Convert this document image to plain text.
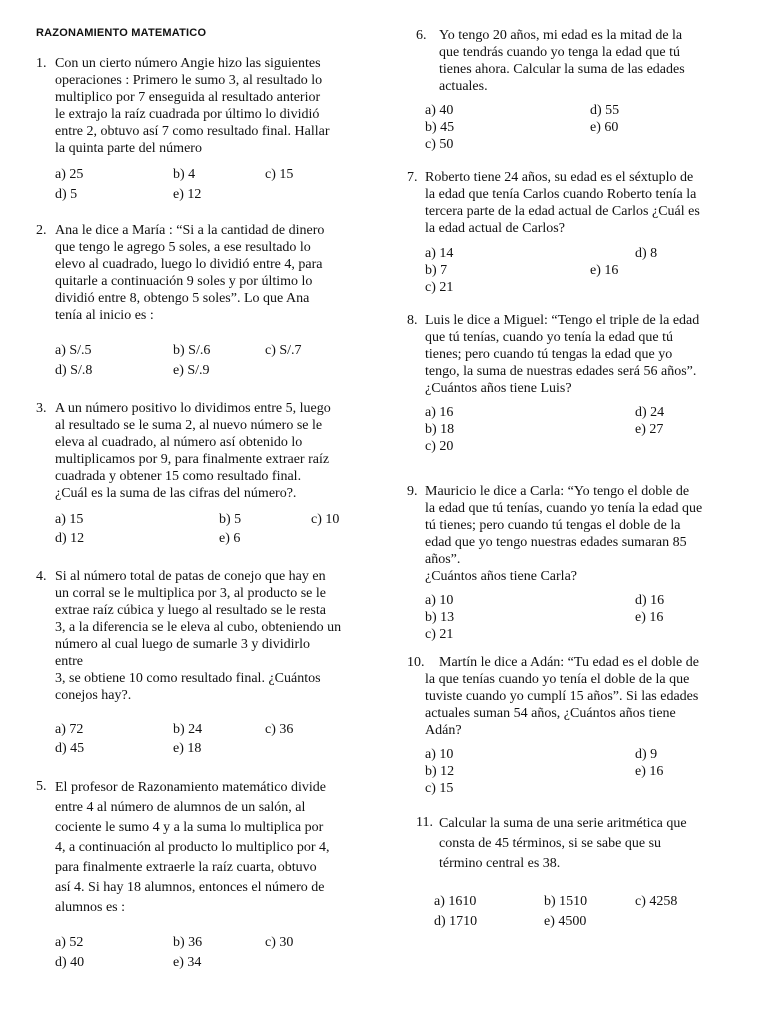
RAZONAMIENTO MATEMATICO
1. Con un cierto número Angie hizo las siguientes
operaciones : Primero le sumo 3, al resultado lo
multiplico por 7 enseguida al resultado anterior
le extrajo la raíz cuadrada por último lo dividió
entre 2, obtuvo así 7 como resultado final. Hallar
la quinta parte del número
a) 25	b) 4	c) 15
d) 5	e) 12
2. Ana le dice a María : “Si a la cantidad de dinero
que tengo le agrego 5 soles, a ese resultado lo
elevo al cuadrado, luego lo dividió entre 4, para
quitarle a continuación 9 soles y por último lo
dividió entre 8, obtengo 5 soles”. Lo que Ana
tenía al inicio es :
a) S/.5	b) S/.6	c) S/.7
d) S/.8	e) S/.9
3. A un número positivo lo dividimos entre 5, luego
al resultado se le suma 2, al nuevo número se le
eleva al cuadrado, al número así obtenido lo
multiplicamos por 9, para finalmente extraer raíz
cuadrada y obtener 15 como resultado final.
¿Cuál es la suma de las cifras del número?.
a) 15	b) 5	c) 10
d) 12	e) 6
4. Si al número total de patas de conejo que hay en
un corral se le multiplica por 3, al producto se le
extrae raíz cúbica y luego al resultado se le resta
3, a la diferencia se le eleva al cubo, obteniendo un
número al cual luego de sumarle 3 y dividirlo
entre
3, se obtiene 10 como resultado final. ¿Cuántos
conejos hay?.
a) 72	b) 24	c) 36
d) 45	e) 18
5. El profesor de Razonamiento matemático divide
entre 4 al número de alumnos de un salón, al
cociente le sumo 4 y a la suma lo multiplica por
4, a continuación al producto lo multiplico por 4,
para finalmente extraerle la raíz cuarta, obtuvo
así 4. Si hay 18 alumnos, entonces el número de
alumnos es :
a) 52	b) 36	c) 30
d) 40	e) 34
6. Yo tengo 20 años, mi edad es la mitad de la
que tendrás cuando yo tenga la edad que tú
tienes ahora. Calcular la suma de las edades
actuales.
a) 40	d) 55
b) 45	e) 60
c) 50
7. Roberto tiene 24 años, su edad es el séxtuplo de
la edad que tenía Carlos cuando Roberto tenía la
tercera parte de la edad actual de Carlos ¿Cuál es
la edad actual de Carlos?
a) 14	d) 8
b) 7	e) 16
c) 21
8. Luis le dice a Miguel: “Tengo el triple de la edad
que tú tenías, cuando yo tenía la edad que tú
tienes; pero cuando tú tengas la edad que yo
tengo, la suma de nuestras edades será 56 años”.
¿Cuántos años tiene Luis?
a) 16	d) 24
b) 18	e) 27
c) 20
9. Mauricio le dice a Carla: “Yo tengo el doble de
la edad que tú tenías, cuando yo tenía la edad que
tú tienes; pero cuando tú tengas el doble de la
edad que yo tengo nuestras edades sumaran 85
años”.
¿Cuántos años tiene Carla?
a) 10	d) 16
b) 13	e) 16
c) 21
10.	Martín le dice a Adán: “Tu edad es el doble de
la que tenías cuando yo tenía el doble de la que
tuviste cuando yo cumplí 15 años”. Si las edades
actuales suman 54 años, ¿Cuántos años tiene
Adán?
a) 10	d) 9
b) 12	e) 16
c) 15
11. Calcular la suma de una serie aritmética que
consta de 45 términos, si se sabe que su
término central es 38.
a) 1610	b) 1510	c) 4258
d) 1710	e) 4500
